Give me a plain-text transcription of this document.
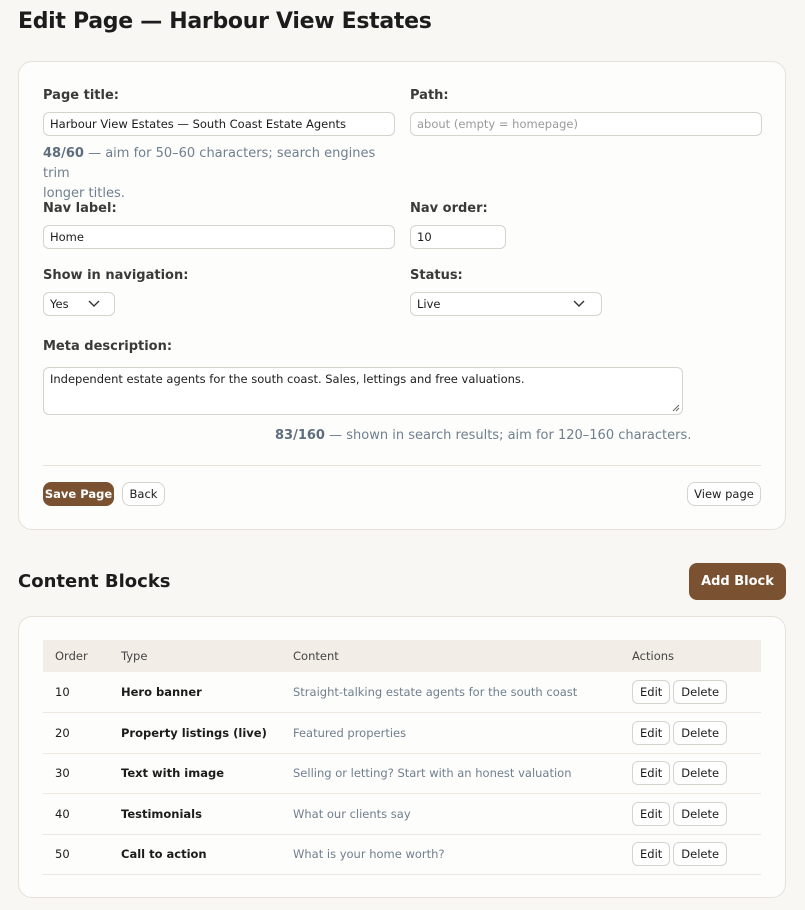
Edit Page — Harbour View Estates
Page title:
Harbour View Estates — South Coast Estate Agents
48/60 — aim for 50–60 characters; search engines trim
longer titles.
Path:
about (empty = homepage)
Nav label:
Home
Nav order:
10
Show in navigation:
Yes
Status:
Live
Meta description:
Independent estate agents for the south coast. Sales, lettings and free valuations.
83/160 — shown in search results; aim for 120–160 characters.
Save Page	Back	View page
Content Blocks	Add Block
Order	Type	Content	Actions
10	Hero banner	Straight-talking estate agents for the south coast	Edit Delete
20	Property listings (live)	Featured properties	Edit Delete
30	Text with image	Selling or letting? Start with an honest valuation	Edit Delete
40	Testimonials	What our clients say	Edit Delete
50	Call to action	What is your home worth?	Edit Delete
